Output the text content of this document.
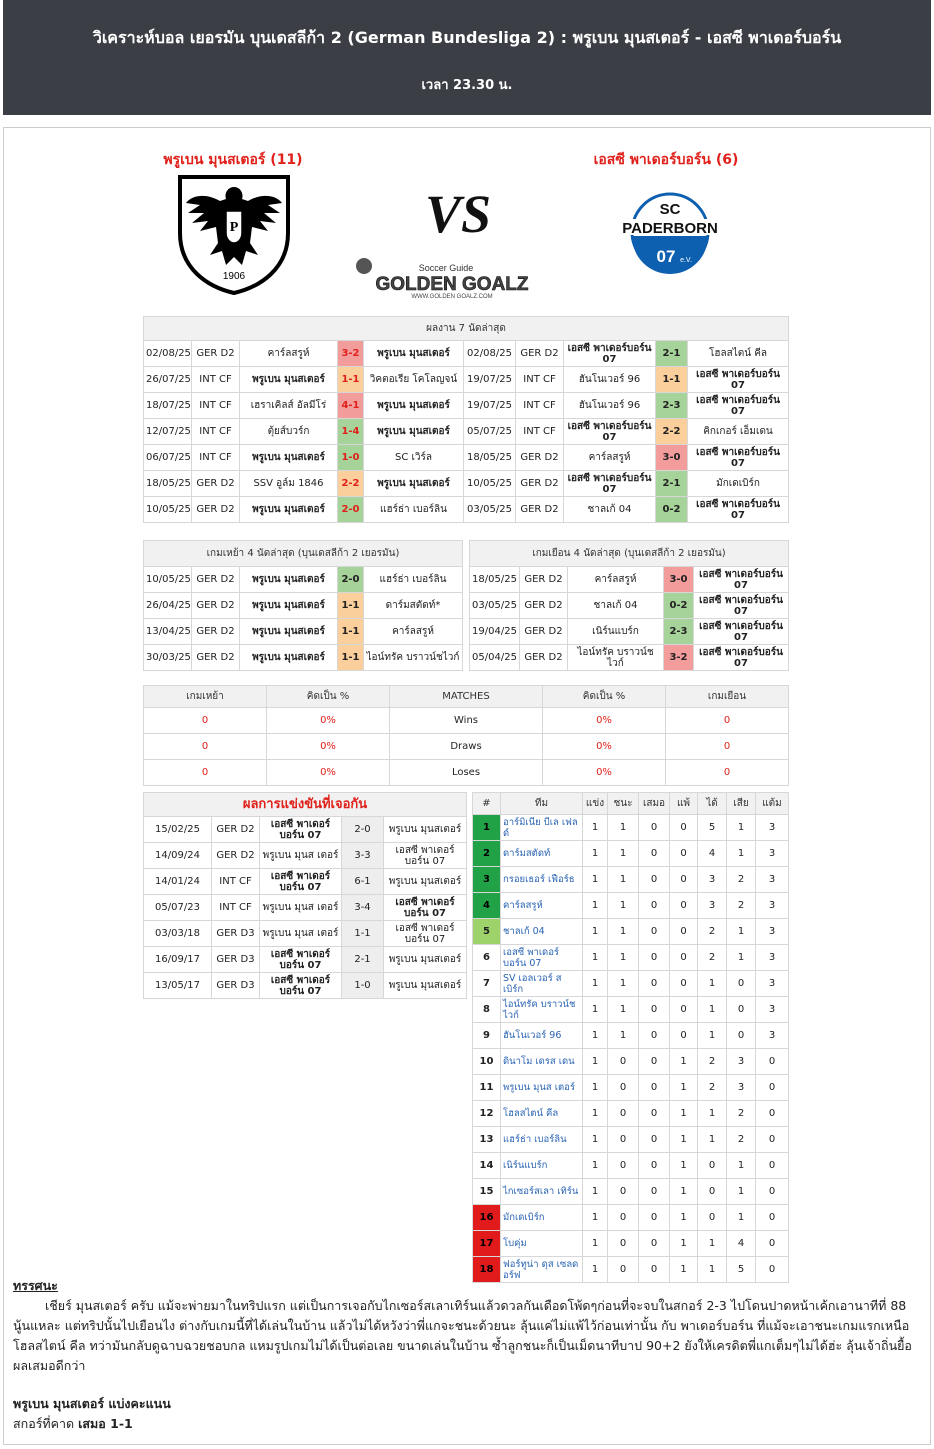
วิเคราะห์บอล เยอรมัน บุนเดสลีก้า 2 (German Bundesliga 2) : พรูเบน มุนสเตอร์ - เอสซี พาเดอร์บอร์น
เวลา 23.30 น.
พรูเบน มุนสเตอร์ (11)	เอสซี พาเดอร์บอร์น (6)
P
1906
VS	SC
PADERBORN
07 e.V.
Soccer Guide
GOLDEN GOALZ
WWW.GOLDEN GOALZ.COM
ผลงาน 7 นัดล่าสุด									
02/08/25	GER D2	คาร์ลสรูห์	3-2	พรูเบน มุนสเตอร์	02/08/25	GER D2	เอสซี พาเดอร์บอร์น 07	2-1	โฮลสไตน์ คีล
26/07/25	INT CF	พรูเบน มุนสเตอร์	1-1	วิคตอเรีย โคโลญจน์	19/07/25	INT CF	ฮันโนเวอร์ 96	1-1	เอสซี พาเดอร์บอร์น 07
18/07/25	INT CF	เฮราเคิลส์ อัลมีโร่	4-1	พรูเบน มุนสเตอร์	19/07/25	INT CF	ฮันโนเวอร์ 96	2-3	เอสซี พาเดอร์บอร์น 07
12/07/25	INT CF	ตุ้ยส์บวร์ก	1-4	พรูเบน มุนสเตอร์	05/07/25	INT CF	เอสซี พาเดอร์บอร์น 07	2-2	คิกเกอร์ เอ็มเดน
06/07/25	INT CF	พรูเบน มุนสเตอร์	1-0	SC เวิร์ล	18/05/25	GER D2	คาร์ลสรูห์	3-0	เอสซี พาเดอร์บอร์น 07
18/05/25	GER D2	SSV อูล์ม 1846	2-2	พรูเบน มุนสเตอร์	10/05/25	GER D2	เอสซี พาเดอร์บอร์น 07	2-1	มักเดเบิร์ก
10/05/25	GER D2	พรูเบน มุนสเตอร์	2-0	แฮร์ธ่า เบอร์ลิน	03/05/25	GER D2	ชาลเก้ 04	0-2	เอสซี พาเดอร์บอร์น 07
เกมเหย้า 4 นัดล่าสุด (บุนเดสลีก้า 2 เยอรมัน)				
10/05/25	GER D2	พรูเบน มุนสเตอร์	2-0	แฮร์ธ่า เบอร์ลิน
26/04/25	GER D2	พรูเบน มุนสเตอร์	1-1	ดาร์มสตัดท์*
13/04/25	GER D2	พรูเบน มุนสเตอร์	1-1	คาร์ลสรูห์
30/03/25	GER D2	พรูเบน มุนสเตอร์	1-1	ไอน์ทรัค บราวน์ชไวก์
เกมเยือน 4 นัดล่าสุด (บุนเดสลีก้า 2 เยอรมัน)				
18/05/25	GER D2	คาร์ลสรูห์	3-0	เอสซี พาเดอร์บอร์น 07
03/05/25	GER D2	ชาลเก้ 04	0-2	เอสซี พาเดอร์บอร์น 07
19/04/25	GER D2	เนิร์นแบร์ก	2-3	เอสซี พาเดอร์บอร์น 07
05/04/25	GER D2	ไอน์ทรัค บราวน์ชไวก์	3-2	เอสซี พาเดอร์บอร์น 07
เกมเหย้า	คิดเป็น %	MATCHES	คิดเป็น %	เกมเยือน
0	0%	Wins	0%	0
0	0%	Draws	0%	0
0	0%	Loses	0%	0
ผลการแข่งขันที่เจอกัน				
15/02/25	GER D2	เอสซี พาเดอร์บอร์น 07	2-0	พรูเบน มุนสเตอร์
14/09/24	GER D2	พรูเบน มุนส เตอร์	3-3	เอสซี พาเดอร์บอร์น 07
14/01/24	INT CF	เอสซี พาเดอร์บอร์น 07	6-1	พรูเบน มุนสเตอร์
05/07/23	INT CF	พรูเบน มุนส เตอร์	3-4	เอสซี พาเดอร์บอร์น 07
03/03/18	GER D3	พรูเบน มุนส เตอร์	1-1	เอสซี พาเดอร์บอร์น 07
16/09/17	GER D3	เอสซี พาเดอร์บอร์น 07	2-1	พรูเบน มุนสเตอร์
13/05/17	GER D3	เอสซี พาเดอร์บอร์น 07	1-0	พรูเบน มุนสเตอร์
#	ทีม	แข่ง	ชนะ	เสมอ	แพ้	ได้	เสีย	แต้ม
1	อาร์มิเนีย บีเล เฟลด์	1	1	0	0	5	1	3
2	ดาร์มสตัดท์	1	1	0	0	4	1	3
3	กรอยเธอร์ เฟือร์ธ	1	1	0	0	3	2	3
4	คาร์ลสรูห์	1	1	0	0	3	2	3
5	ชาลเก้ 04	1	1	0	0	2	1	3
6	เอสซี พาเดอร์ บอร์น 07	1	1	0	0	2	1	3
7	SV เอลเวอร์ สเบิร์ก	1	1	0	0	1	0	3
8	ไอน์ทรัค บราวน์ชไวก์	1	1	0	0	1	0	3
9	ฮันโนเวอร์ 96	1	1	0	0	1	0	3
10	ดินาโม เดรส เดน	1	0	0	1	2	3	0
11	พรูเบน มุนส เตอร์	1	0	0	1	2	3	0
12	โฮลสไตน์ คีล	1	0	0	1	1	2	0
13	แฮร์ธ่า เบอร์ลิน	1	0	0	1	1	2	0
14	เนิร์นแบร์ก	1	0	0	1	0	1	0
15	ไกเซอร์สเลา เทิร์น	1	0	0	1	0	1	0
16	มักเดเบิร์ก	1	0	0	1	0	1	0
17	โบคุ่ม	1	0	0	1	1	4	0
18	ฟอร์ทูน่า ดุส เซลดอร์ฟ	1	0	0	1	1	5	0
ทรรศนะ
เชียร์ มุนสเตอร์ ครับ แม้จะพ่ายมาในทริปแรก แต่เป็นการเจอกับไกเซอร์สเลาเทิร์นแล้วดวลกันเดือดโพ้ดๆก่อนที่จะจบในสกอร์ 2-3 ไปโดนปาดหน้าเค้กเอานาทีที่ 88 นู้นแหละ แต่ทริปนั้นไปเยือนไง ต่างกับเกมนี้ที่ได้เล่นในบ้าน แล้วไม่ได้หวังว่าพี่แกจะชนะด้วยนะ ลุ้นแค่ไม่แพ้ไว้ก่อนเท่านั้น กับ พาเดอร์บอร์น ที่แม้จะเอาชนะเกมแรกเหนือ โฮลสไตน์ คีล ทว่ามันกลับดูฉาบฉวยชอบกล แหมรูปเกมไม่ได้เป็นต่อเลย ขนาดเล่นในบ้าน ซ้ำลูกชนะก็เป็นเม็ดนาทีบาป 90+2 ยังให้เครดิตพี่แกเต็มๆไม่ได้ฮ่ะ ลุ้นเจ้าถิ่นยื้อผลเสมอดีกว่า
พรูเบน มุนสเตอร์ แบ่งคะแนน
สกอร์ที่คาด เสมอ 1-1
